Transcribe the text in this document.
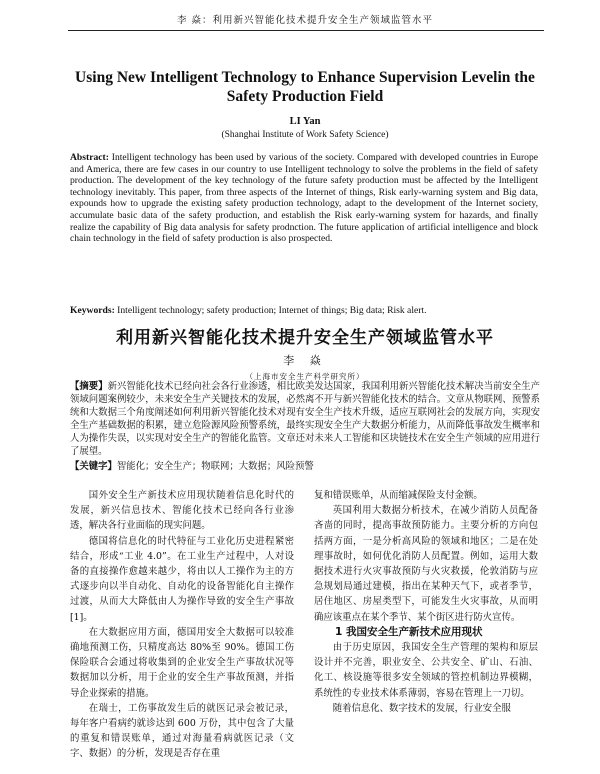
李 焱：利用新兴智能化技术提升安全生产领域监管水平
Using New Intelligent Technology to Enhance Supervision Levelin the Safety Production Field
LI Yan
(Shanghai Institute of Work Safety Science)
Abstract: Intelligent technology has been used by various of the society. Compared with developed countries in Europe and America, there are few cases in our country to use Intelligent technology to solve the problems in the field of safety production. The development of the key technology of the future safety production must be affected by the Intelligent technology inevitably. This paper, from three aspects of the Internet of things, Risk early-warning system and Big data, expounds how to upgrade the existing safety production technology, adapt to the development of the Internet society, accumulate basic data of the safety production, and establish the Risk early-warning system for hazards, and finally realize the capability of Big data analysis for safety prodnction. The future application of artificial intelligence and block chain technology in the field of safety production is also prospected.
Keywords: Intelligent technology; safety production; Internet of things; Big data; Risk alert.
利用新兴智能化技术提升安全生产领域监管水平
李 焱
（上海市安全生产科学研究所）
【摘要】新兴智能化技术已经向社会各行业渗透，相比欧美发达国家，我国利用新兴智能化技术解决当前安全生产领域问题案例较少，未来安全生产关键技术的发展，必然离不开与新兴智能化技术的结合。文章从物联网、预警系统和大数据三个角度阐述如何利用新兴智能化技术对现有安全生产技术升级，适应互联网社会的发展方向，实现安全生产基础数据的积累，建立危险源风险预警系统，最终实现安全生产大数据分析能力，从而降低事故发生概率和人为操作失误，以实现对安全生产的智能化监管。文章还对未来人工智能和区块链技术在安全生产领域的应用进行了展望。
【关键字】智能化；安全生产；物联网；大数据；风险预警

国外安全生产新技术应用现状随着信息化时代的发展，新兴信息技术、智能化技术已经向各行业渗透，解决各行业面临的现实问题。

德国将信息化的时代特征与工业化历史进程紧密结合，形成“工业 4.0”。在工业生产过程中，人对设备的直接操作愈越来越少，将由以人工操作为主的方式逐步向以半自动化、自动化的设备智能化自主操作过渡，从而大大降低由人为操作导致的安全生产事故[1]。

在大数据应用方面，德国用安全大数据可以较准确地预测工伤，只精度高达 80%至 90%。德国工伤保险联合会通过将收集到的企业安全生产事故状况等数据加以分析，用于企业的安全生产事故预测，并指导企业探索的措施。

在瑞士，工伤事故发生后的就医记录会被记录，每年客户看病约就诊达到 600 万份，其中包含了大量的重复和错误账单，通过对海量看病就医记录（文字、数据）的分析，发现是否存在重

复和错误账单，从而缩减保险支付金额。

英国利用大数据分析技术，在减少消防人员配备吝啬的同时，提高事故预防能力。主要分析的方向包括两方面，一是分析高风险的领域和地区；二是在处理事故时，如何优化消防人员配置。例如，运用大数据技术进行火灾事故预防与火灾救援，伦敦消防与应急规划局通过建模，指出在某种天气下，或者季节，居住地区、房屋类型下，可能发生火灾事故，从而明确应该重点在某个季节、某个街区进行防火宣传。

1 我国安全生产新技术应用现状

由于历史原因，我国安全生产管理的架构和原层设计并不完善，职业安全、公共安全、矿山、石油、化工、核设施等很多安全领域的管控机制边界模糊，系统性的专业技术体系薄弱，容易在管理上一刀切。

随着信息化、数字技术的发展，行业安全服
